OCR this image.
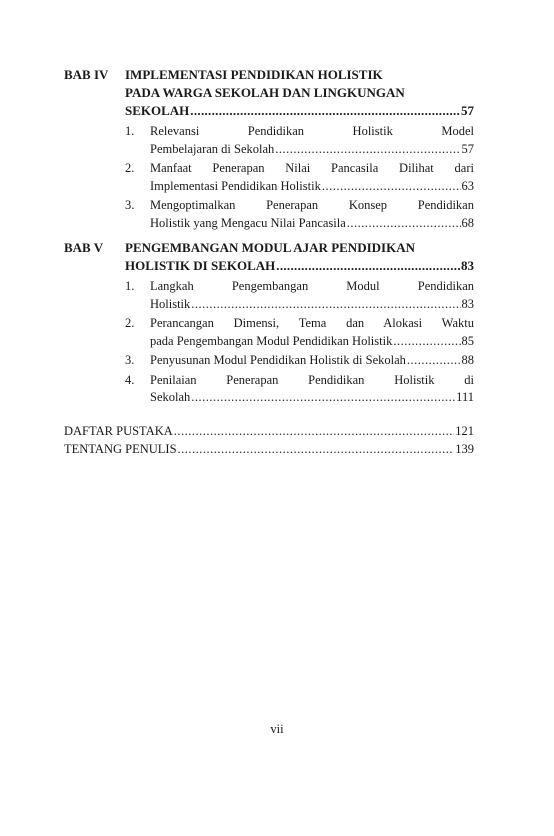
BAB IV IMPLEMENTASI PENDIDIKAN HOLISTIK
PADA WARGA SEKOLAH DAN LINGKUNGAN
SEKOLAH .....	57
1. Relevansi Pendidikan Holistik Model
Pembelajaran di Sekolah .....	57
2. Manfaat Penerapan Nilai Pancasila Dilihat dari
Implementasi Pendidikan Holistik .....	63
3. Mengoptimalkan Penerapan Konsep Pendidikan
Holistik yang Mengacu Nilai Pancasila .....	68
BAB V PENGEMBANGAN MODUL AJAR PENDIDIKAN
HOLISTIK DI SEKOLAH .....	83
1. Langkah Pengembangan Modul Pendidikan
Holistik .....	83
2. Perancangan Dimensi, Tema dan Alokasi Waktu
pada Pengembangan Modul Pendidikan Holistik .....	85
3. Penyusunan Modul Pendidikan Holistik di Sekolah .....	88
4. Penilaian Penerapan Pendidikan Holistik di
Sekolah .....	111
DAFTAR PUSTAKA .....	121
TENTANG PENULIS .....	139
vii
